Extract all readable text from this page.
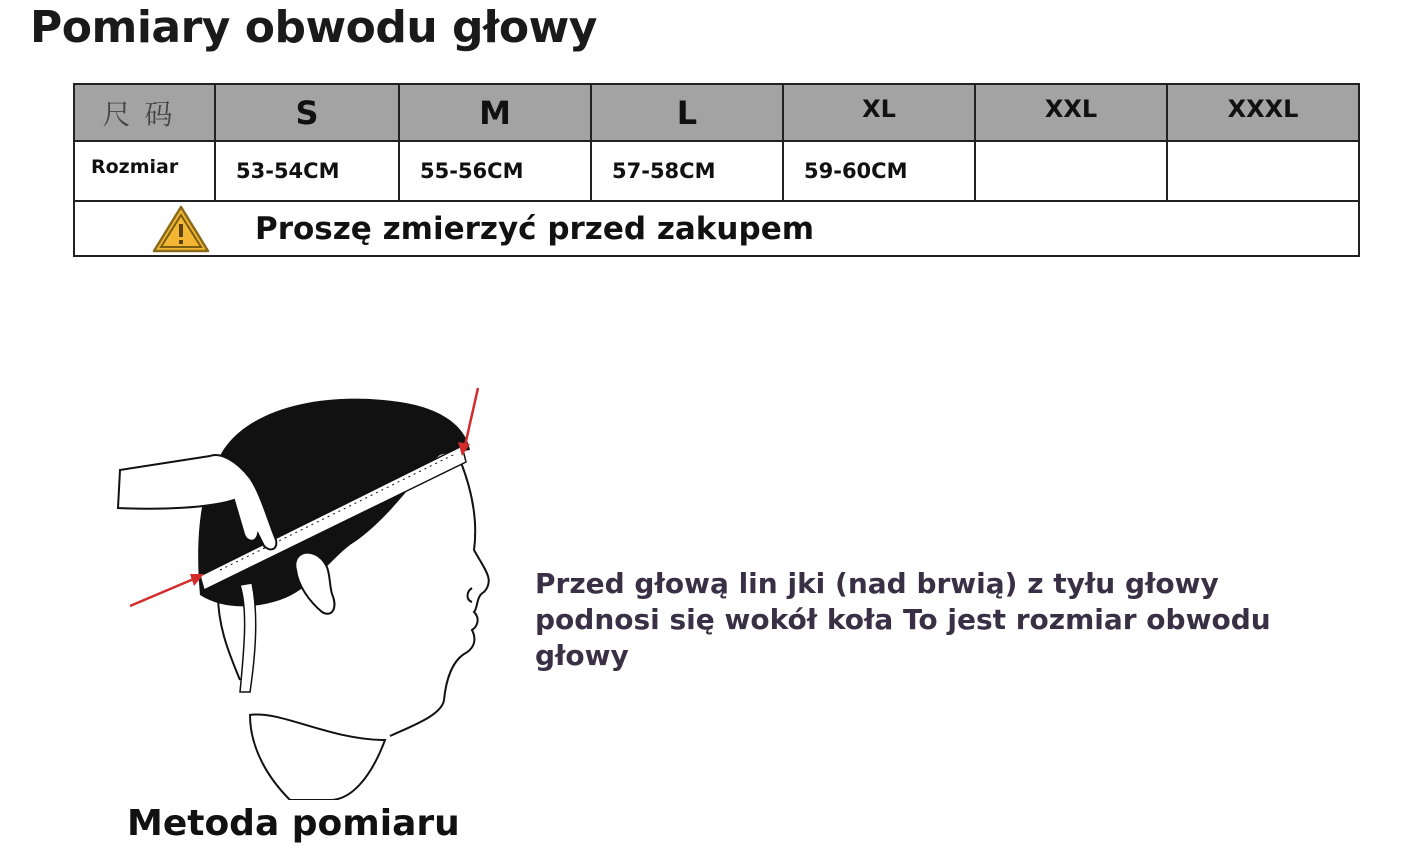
Pomiary obwodu głowy
尺码	S	M	L	XL	XXL	XXXL
Rozmiar	53-54CM	55-56CM	57-58CM	59-60CM		

Proszę zmierzyć przed zakupem						

Przed głową lin jki (nad brwią) z tyłu głowy podnosi się wokół koła To jest rozmiar obwodu głowy

Metoda pomiaru
